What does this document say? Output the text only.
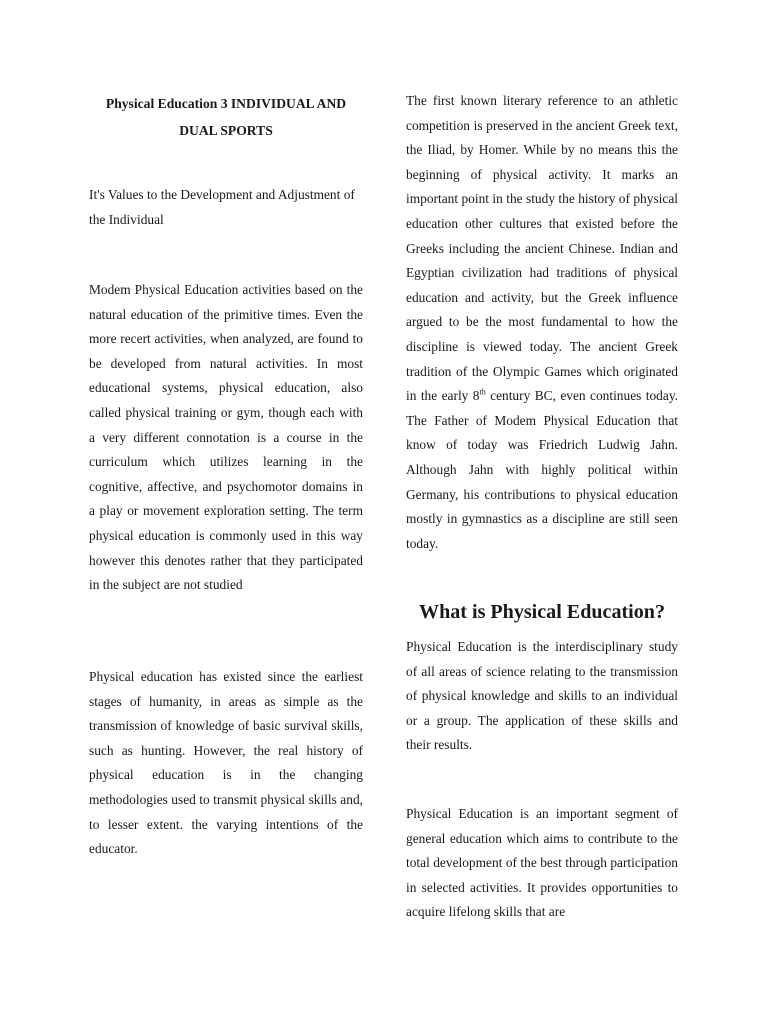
Physical Education 3 INDIVIDUAL AND DUAL SPORTS

It's Values to the Development and Adjustment of the Individual

Modem Physical Education activities based on the natural education of the primitive times. Even the more recert activities, when analyzed, are found to be developed from natural activities. In most educational systems, physical education, also called physical training or gym, though each with a very different connotation is a course in the curriculum which utilizes learning in the cognitive, affective, and psychomotor domains in a play or movement exploration setting. The term physical education is commonly used in this way however this denotes rather that they participated in the subject are not studied

Physical education has existed since the earliest stages of humanity, in areas as simple as the transmission of knowledge of basic survival skills, such as hunting. However, the real history of physical education is in the changing methodologies used to transmit physical skills and, to lesser extent. the varying intentions of the educator.

The first known literary reference to an athletic competition is preserved in the ancient Greek text, the Iliad, by Homer. While by no means this the beginning of physical activity. It marks an important point in the study the history of physical education other cultures that existed before the Greeks including the ancient Chinese. Indian and Egyptian civilization had traditions of physical education and activity, but the Greek influence argued to be the most fundamental to how the discipline is viewed today. The ancient Greek tradition of the Olympic Games which originated in the early 8th century BC, even continues today. The Father of Modem Physical Education that know of today was Friedrich Ludwig Jahn. Although Jahn with highly political within Germany, his contributions to physical education mostly in gymnastics as a discipline are still seen today.

What is Physical Education?

Physical Education is the interdisciplinary study of all areas of science relating to the transmission of physical knowledge and skills to an individual or a group. The application of these skills and their results.

Physical Education is an important segment of general education which aims to contribute to the total development of the best through participation in selected activities. It provides opportunities to acquire lifelong skills that are
